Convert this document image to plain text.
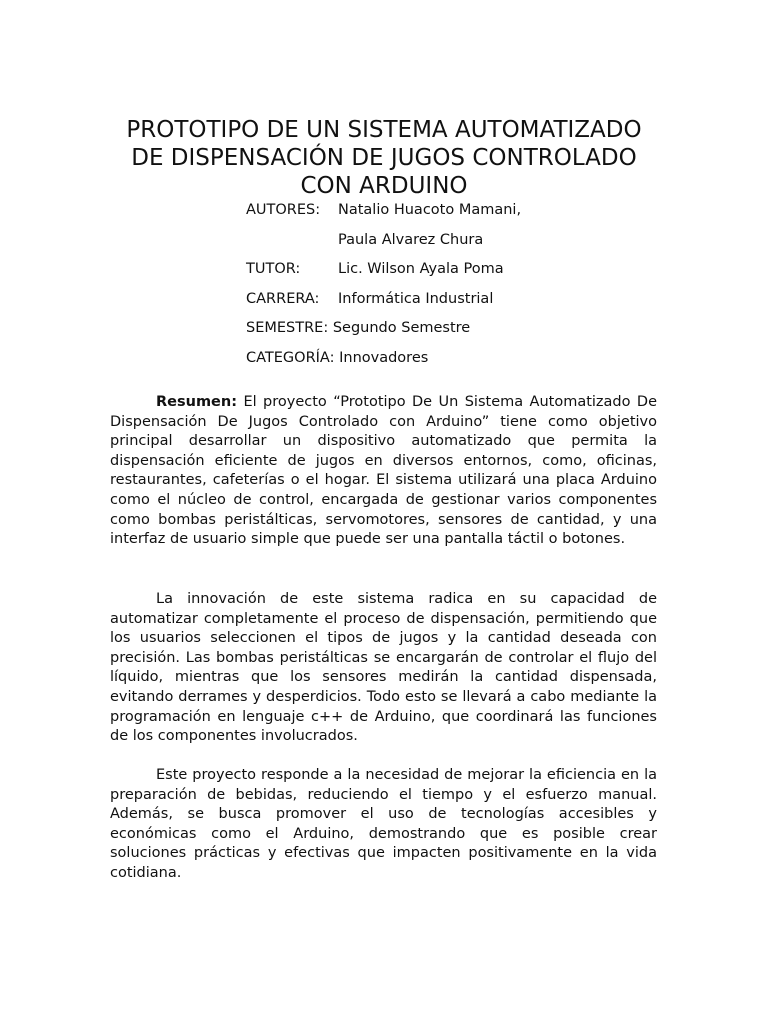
PROTOTIPO DE UN SISTEMA AUTOMATIZADO
DE DISPENSACIÓN DE JUGOS CONTROLADO
CON ARDUINO
AUTORES: Natalio Huacoto Mamani,
Paula Alvarez Chura
TUTOR:	Lic. Wilson Ayala Poma
CARRERA: Informática Industrial
SEMESTRE: Segundo Semestre
CATEGORÍA: Innovadores

Resumen: El proyecto “Prototipo De Un Sistema Automatizado De Dispensación De Jugos Controlado con Arduino” tiene como objetivo principal desarrollar un dispositivo automatizado que permita la dispensación eficiente de jugos en diversos entornos, como, oficinas, restaurantes, cafeterías o el hogar. El sistema utilizará una placa Arduino como el núcleo de control, encargada de gestionar varios componentes como bombas peristálticas, servomotores, sensores de cantidad, y una interfaz de usuario simple que puede ser una pantalla táctil o botones.

La innovación de este sistema radica en su capacidad de automatizar completamente el proceso de dispensación, permitiendo que los usuarios seleccionen el tipos de jugos y la cantidad deseada con precisión. Las bombas peristálticas se encargarán de controlar el flujo del líquido, mientras que los sensores medirán la cantidad dispensada, evitando derrames y desperdicios. Todo esto se llevará a cabo mediante la programación en lenguaje c++ de Arduino, que coordinará las funciones de los componentes involucrados.

Este proyecto responde a la necesidad de mejorar la eficiencia en la preparación de bebidas, reduciendo el tiempo y el esfuerzo manual. Además, se busca promover el uso de tecnologías accesibles y económicas como el Arduino, demostrando que es posible crear soluciones prácticas y efectivas que impacten positivamente en la vida cotidiana.
